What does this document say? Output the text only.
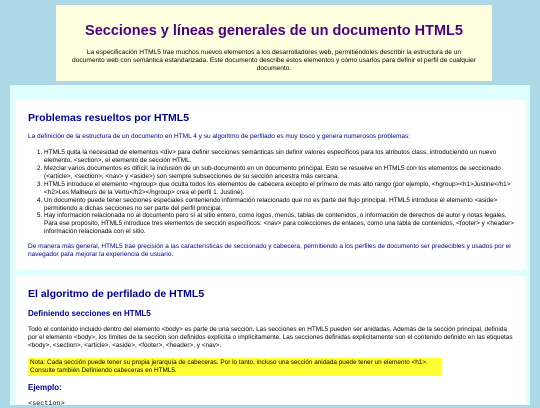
Secciones y líneas generales de un documento HTML5

La especificación HTML5 trae muchos nuevos elementos a los desarrolladores web, permitiéndoles describir la estructura de un documento web con semántica estandarizada. Este documento describe estos elementos y cómo usarlos para definir el perfil de cualquier documento.

Problemas resueltos por HTML5

La definición de la estructura de un documento en HTML 4 y su algoritmo de perfilado es muy tosco y genera numerosos problemas:

1. HTML5 quita la necesidad de elementos <div> para definir secciones semánticas sin definir valores específicos para los atributos class, introduciendo un nuevo elemento, <section>, el elemento de sección HTML.
2. Mezclar varios documentos es difícil: la inclusión de un sub-documento en un documento principal. Esto se resuelve en HTML5 con los elementos de seccionado (<article>, <section>, <nav> y <aside>) son siempre subsecciones de su sección ancestra más cercana.
3. HTML5 introduce el elemento <hgroup> que oculta todos los elementos de cabecera excepto el primero de más alto rango (por ejemplo, <hgroup><h1>Justine</h1><h2>Les Malheurs de la Vertu</h2></hgroup> crea el perfil 1. Justine).
4. Un documento puede tener secciones especiales conteniendo información relacionado que no es parte del flujo principal. HTML5 introduce el elemento <aside> permitiendo a dichas secciones no ser parte del perfil principal.
5. Hay información relacionada no al documento pero sí al sitio entero, como logos, menús, tablas de contenidos, o información de derechos de autor y notas legales. Para ese propósito, HTML5 introduce tres elementos de sección específicos: <nav> para colecciones de enlaces, como una tabla de contenidos, <footer> y <header> información relacionada con el sitio.

De manera más general, HTML5 trae precisión a las características de seccionado y cabecera, permitiendo a los perfiles de documento ser predecibles y usados por el navegador para mejorar la experiencia de usuario.

El algoritmo de perfilado de HTML5
Definiendo secciones en HTML5

Todo el contenido incluido dentro del elemento <body> es parte de una sección. Las secciones en HTML5 pueden ser anidadas. Además de la sección principal, definida por el elemento <body>, los límites de la sección son definidos explícita o implícitamente. Las secciones definidas explícitamente son el contenido definido en las etiquetas <body>, <section>, <article>, <aside>, <footer>, <header>, y <nav>.

Nota: Cada sección puede tener su propia jerarquía de cabeceras. Por lo tanto, incluso una sección anidada puede tener un elemento <h1>. Consulte también Definiendo cabeceras en HTML5.
Ejemplo:
<section>
